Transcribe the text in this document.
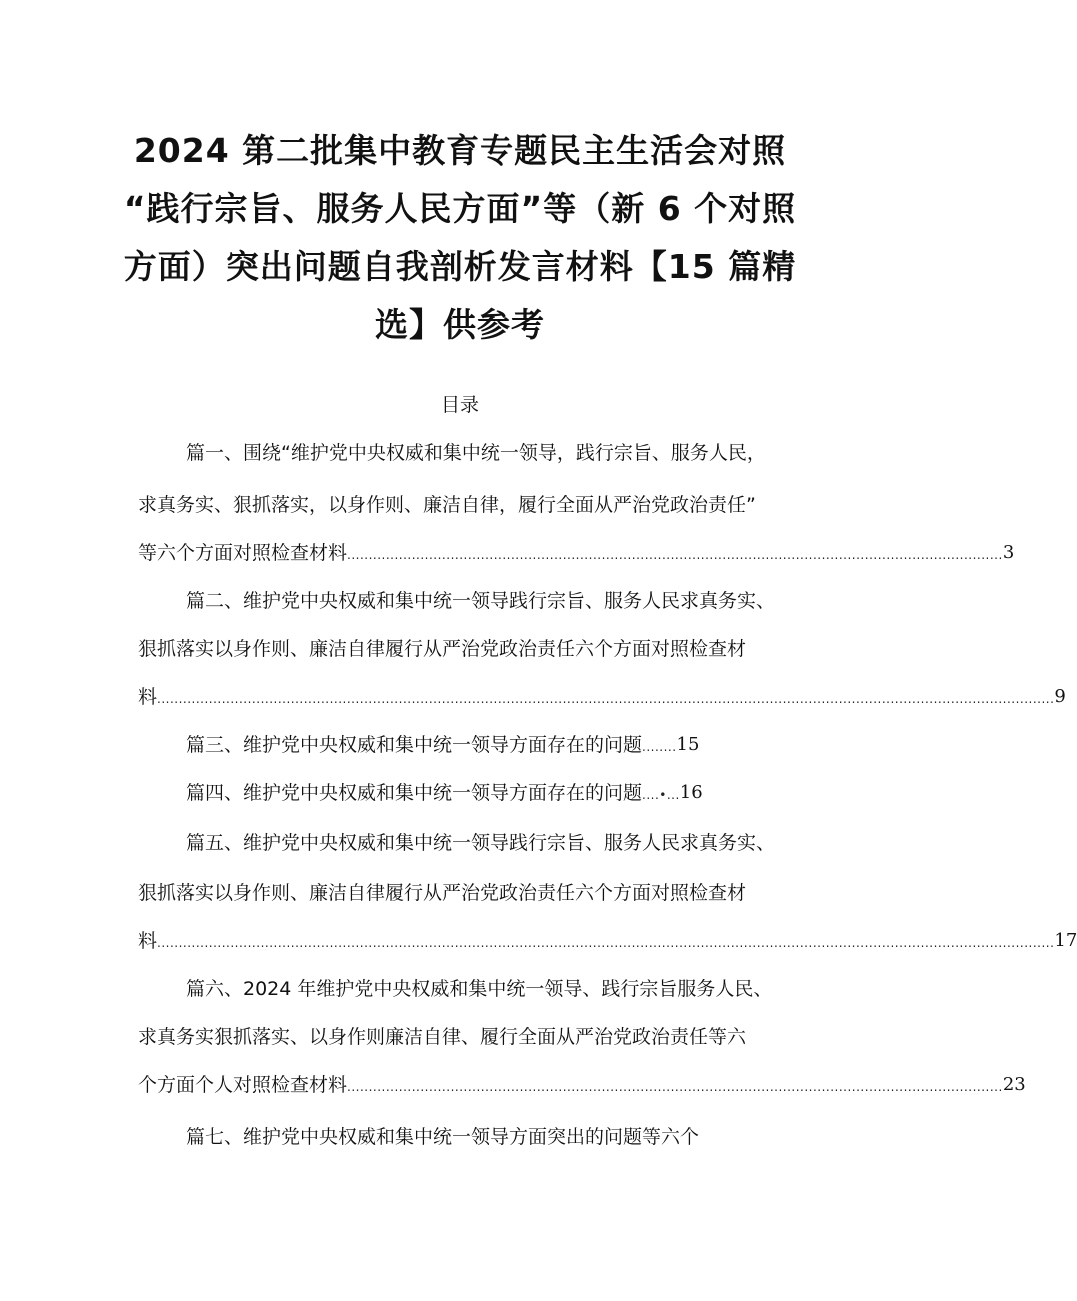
2024 第二批集中教育专题民主生活会对照
“践行宗旨、服务人民方面”等（新 6 个对照
方面）突出问题自我剖析发言材料【15 篇精
选】供参考
目录
篇一、围绕“维护党中央权威和集中统一领导，践行宗旨、服务人民，
求真务实、狠抓落实，以身作则、廉洁自律，履行全面从严治党政治责任”
等六个方面对照检查材料 ........................................................................................................................................................ 3
篇二、维护党中央权威和集中统一领导践行宗旨、服务人民求真务实、
狠抓落实以身作则、廉洁自律履行从严治党政治责任六个方面对照检查材
料 ................................................................................................................................................................................................................ 9
篇三、维护党中央权威和集中统一领导方面存在的问题 ........ 15
篇四、维护党中央权威和集中统一领导方面存在的问题 ....•... 16
篇五、维护党中央权威和集中统一领导践行宗旨、服务人民求真务实、
狠抓落实以身作则、廉洁自律履行从严治党政治责任六个方面对照检查材
料 ................................................................................................................................................................................................................ 17
篇六、2024 年维护党中央权威和集中统一领导、践行宗旨服务人民、
求真务实狠抓落实、以身作则廉洁自律、履行全面从严治党政治责任等六
个方面个人对照检查材料 ........................................................................................................................................................ 23
篇七、维护党中央权威和集中统一领导方面突出的问题等六个
